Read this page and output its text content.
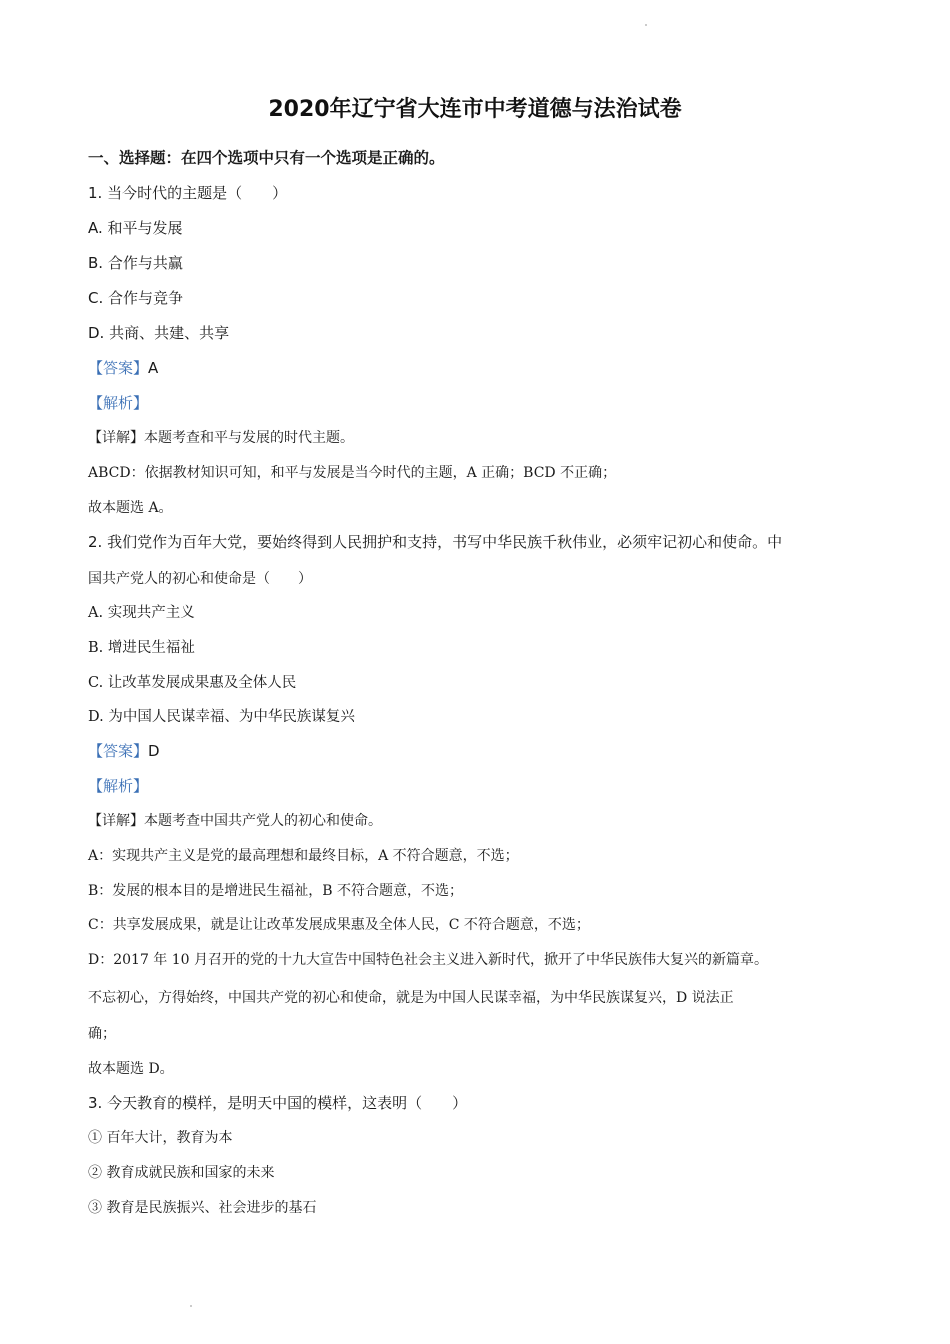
2020年辽宁省大连市中考道德与法治试卷
一、选择题：在四个选项中只有一个选项是正确的。
1. 当今时代的主题是（　　）
A. 和平与发展
B. 合作与共赢
C. 合作与竞争
D. 共商、共建、共享
【答案】A
【解析】
【详解】本题考查和平与发展的时代主题。
ABCD：依据教材知识可知，和平与发展是当今时代的主题，A 正确；BCD 不正确；
故本题选 A。
2. 我们党作为百年大党，要始终得到人民拥护和支持，书写中华民族千秋伟业，必须牢记初心和使命。中
国共产党人的初心和使命是（　　）
A. 实现共产主义
B. 增进民生福祉
C. 让改革发展成果惠及全体人民
D. 为中国人民谋幸福、为中华民族谋复兴
【答案】D
【解析】
【详解】本题考查中国共产党人的初心和使命。
A：实现共产主义是党的最高理想和最终目标，A 不符合题意，不选；
B：发展的根本目的是增进民生福祉，B 不符合题意，不选；
C：共享发展成果，就是让让改革发展成果惠及全体人民，C 不符合题意，不选；
D：2017 年 10 月召开的党的十九大宣告中国特色社会主义进入新时代，掀开了中华民族伟大复兴的新篇章。
不忘初心，方得始终，中国共产党的初心和使命，就是为中国人民谋幸福，为中华民族谋复兴，D 说法正
确；
故本题选 D。
3. 今天教育的模样，是明天中国的模样，这表明（　　）
① 百年大计，教育为本
② 教育成就民族和国家的未来
③ 教育是民族振兴、社会进步的基石
